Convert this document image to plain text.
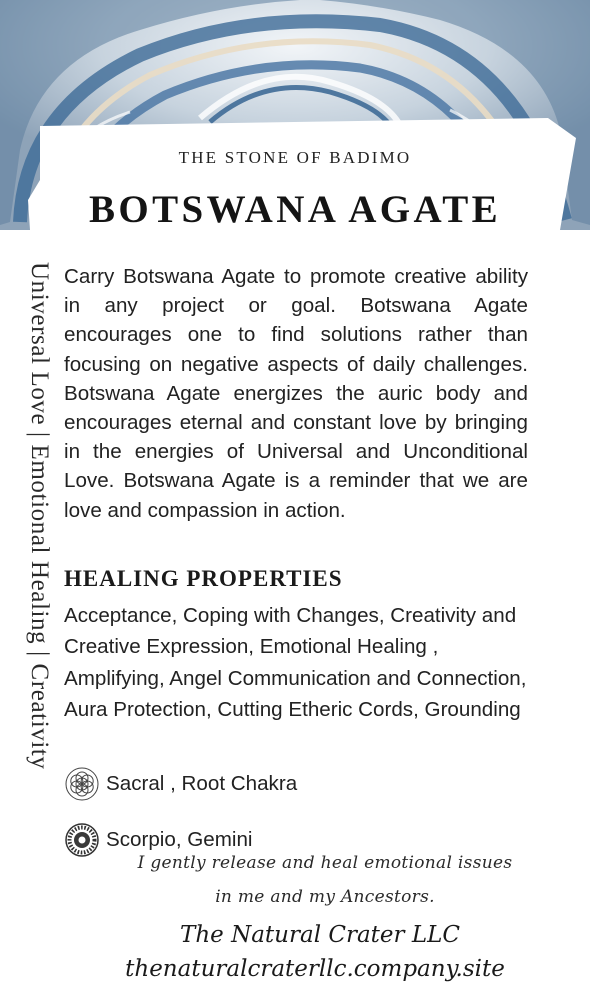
THE STONE OF BADIMO
BOTSWANA AGATE
Universal Love | Emotional Healing | Creativity Carry Botswana Agate to promote creative ability in any project or goal. Botswana Agate encourages one to find solutions rather than focusing on negative aspects of daily challenges. Botswana Agate energizes the auric body and encourages eternal and constant love by bringing in the energies of Universal and Unconditional Love. Botswana Agate is a reminder that we are love and compassion in action.

HEALING PROPERTIES

Acceptance, Coping with Changes, Creativity and Creative Expression, Emotional Healing , Amplifying, Angel Communication and Connection, Aura Protection, Cutting Etheric Cords, Grounding

Sacral , Root Chakra
Scorpio, Gemini
I gently release and heal emotional issues
in me and my Ancestors.
The Natural Crater LLC
thenaturalcraterllc.company.site
